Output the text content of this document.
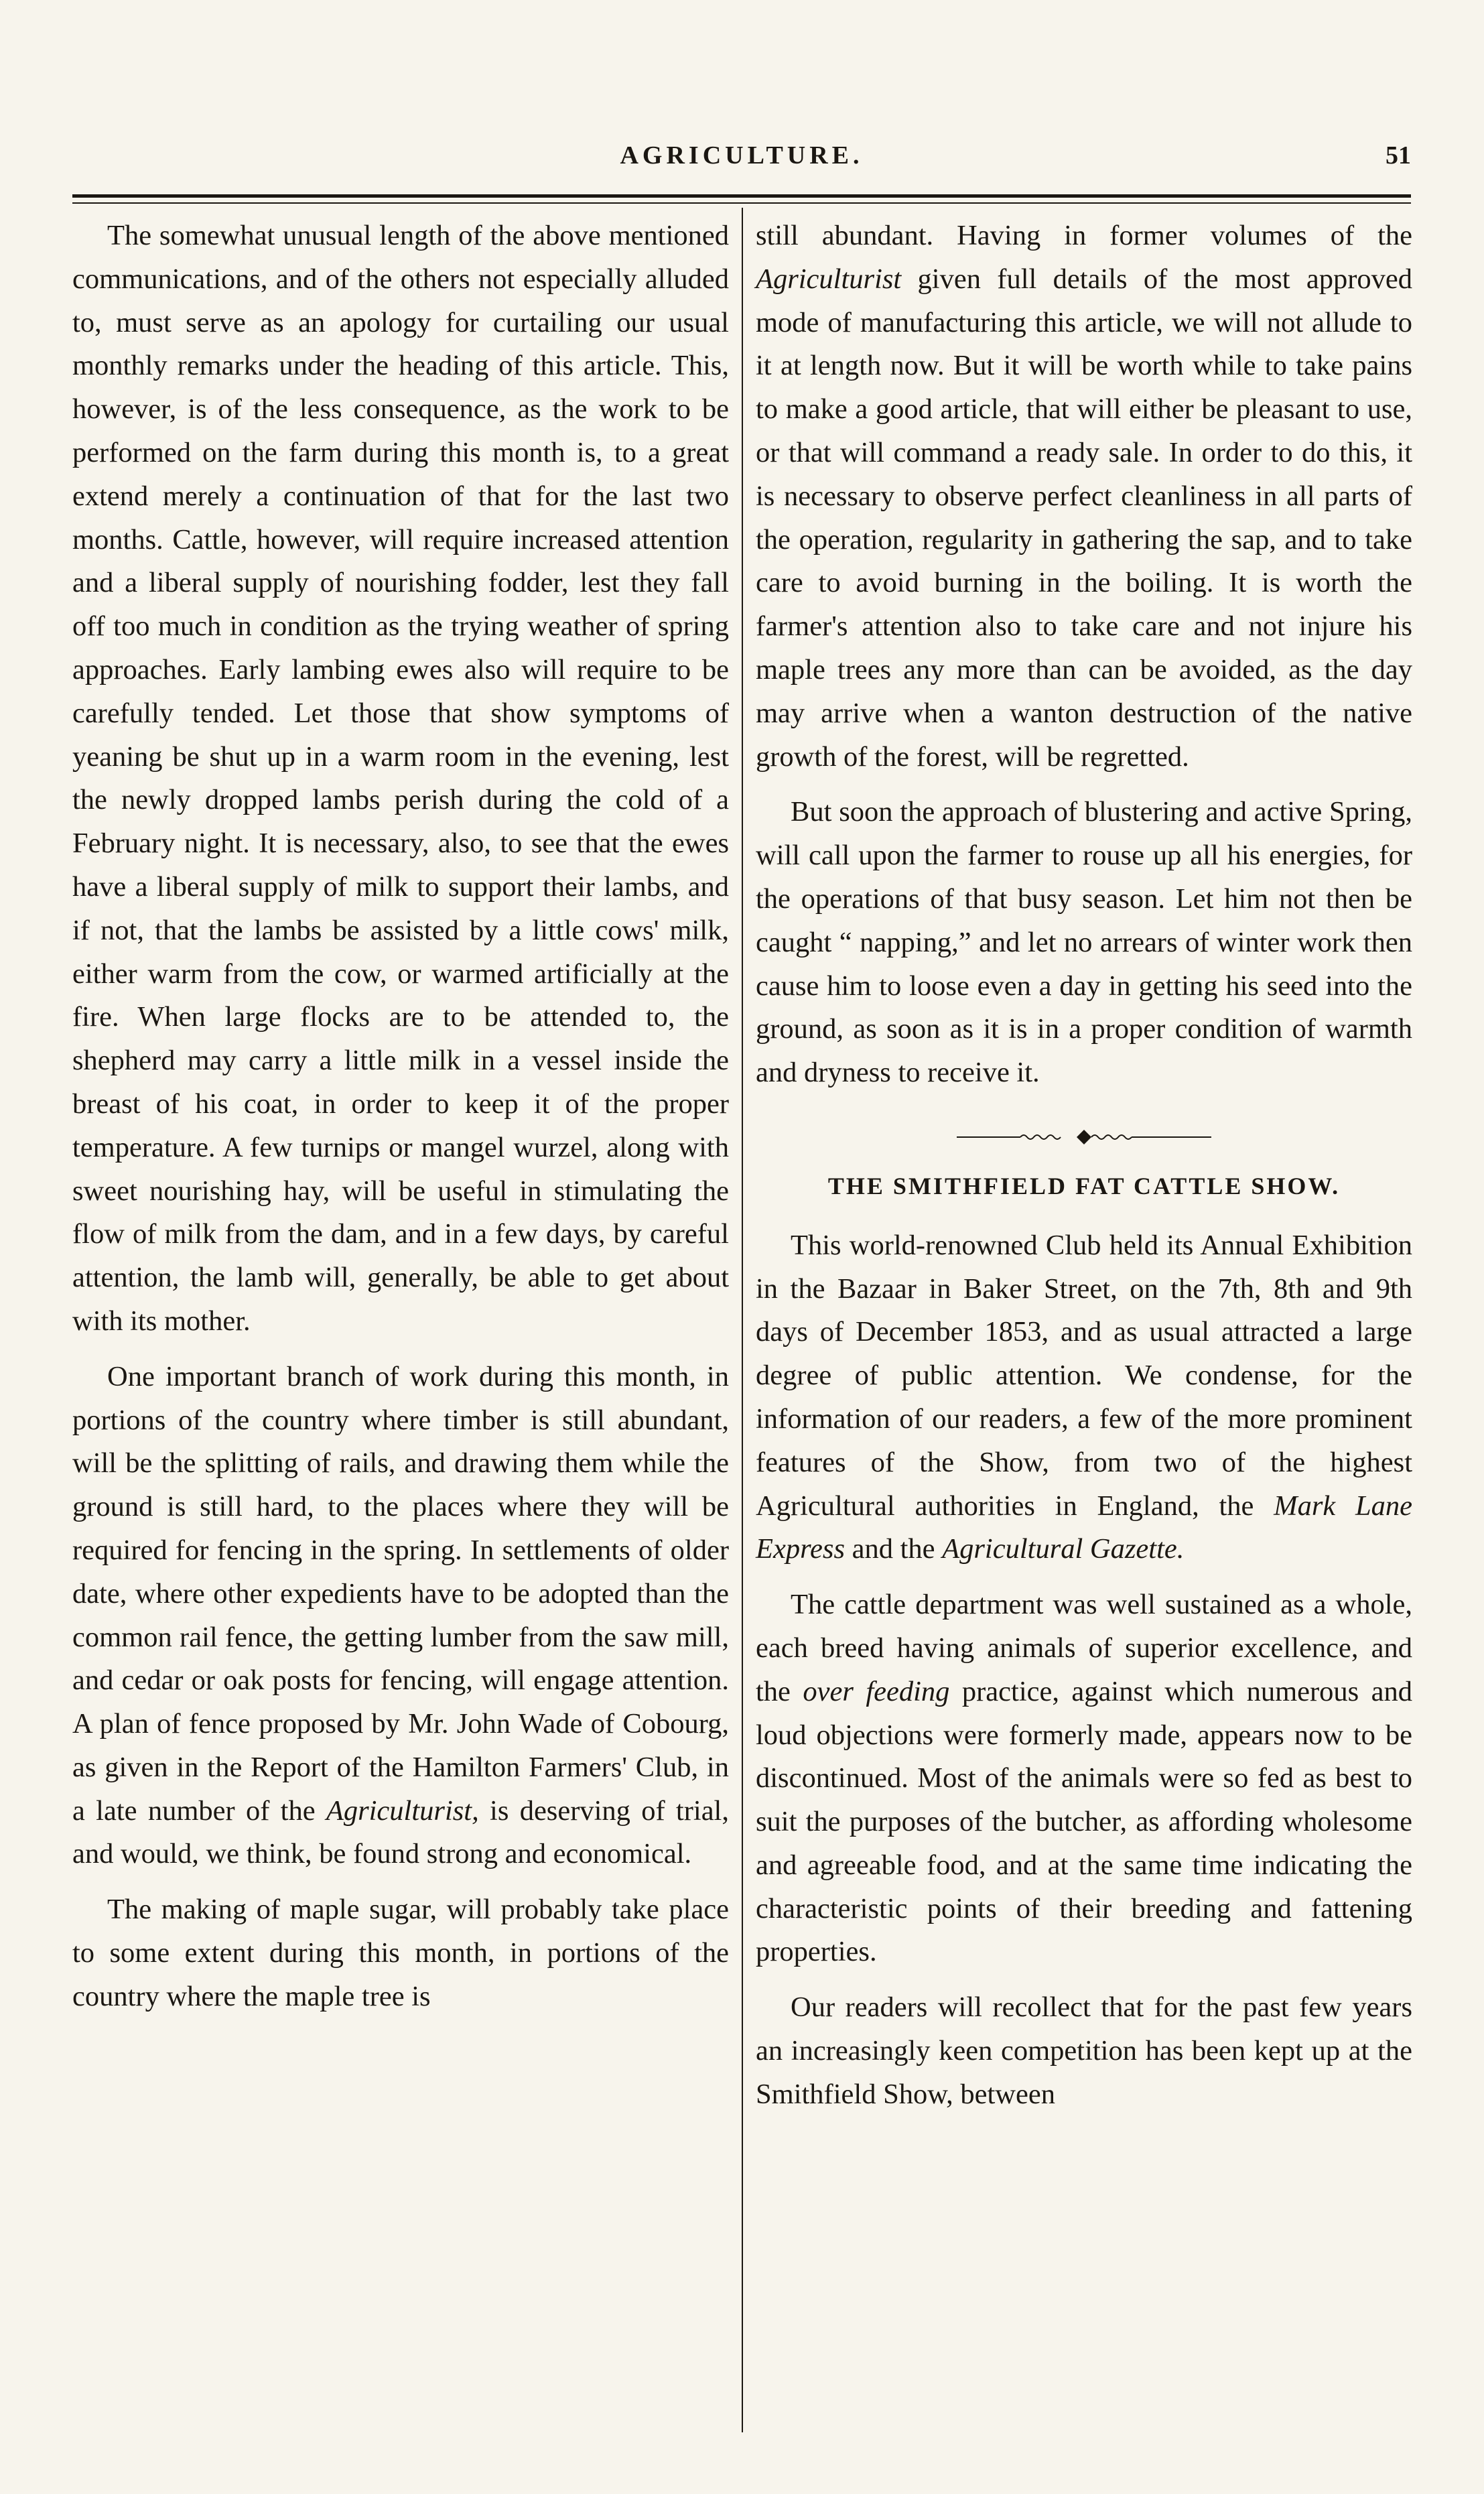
AGRICULTURE.	51

The somewhat unusual length of the above mentioned communications, and of the others not especially alluded to, must serve as an apology for curtailing our usual monthly remarks under the heading of this article. This, however, is of the less consequence, as the work to be performed on the farm during this month is, to a great extend merely a continuation of that for the last two months. Cattle, however, will require increased attention and a liberal supply of nourishing fodder, lest they fall off too much in condition as the trying weather of spring approaches. Early lambing ewes also will require to be carefully tended. Let those that show symptoms of yeaning be shut up in a warm room in the evening, lest the newly dropped lambs perish during the cold of a February night. It is necessary, also, to see that the ewes have a liberal supply of milk to support their lambs, and if not, that the lambs be assisted by a little cows' milk, either warm from the cow, or warmed artificially at the fire. When large flocks are to be attended to, the shepherd may carry a little milk in a vessel inside the breast of his coat, in order to keep it of the proper temperature. A few turnips or mangel wurzel, along with sweet nourishing hay, will be useful in stimulating the flow of milk from the dam, and in a few days, by careful attention, the lamb will, generally, be able to get about with its mother.

One important branch of work during this month, in portions of the country where timber is still abundant, will be the splitting of rails, and drawing them while the ground is still hard, to the places where they will be required for fencing in the spring. In settlements of older date, where other expedients have to be adopted than the common rail fence, the getting lumber from the saw mill, and cedar or oak posts for fencing, will engage attention. A plan of fence proposed by Mr. John Wade of Cobourg, as given in the Report of the Hamilton Farmers' Club, in a late number of the Agriculturist, is deserving of trial, and would, we think, be found strong and economical.

The making of maple sugar, will probably take place to some extent during this month, in portions of the country where the maple tree is

still abundant. Having in former volumes of the Agriculturist given full details of the most approved mode of manufacturing this article, we will not allude to it at length now. But it will be worth while to take pains to make a good article, that will either be pleasant to use, or that will command a ready sale. In order to do this, it is necessary to observe perfect cleanliness in all parts of the operation, regularity in gathering the sap, and to take care to avoid burning in the boiling. It is worth the farmer's attention also to take care and not injure his maple trees any more than can be avoided, as the day may arrive when a wanton destruction of the native growth of the forest, will be regretted.

But soon the approach of blustering and active Spring, will call upon the farmer to rouse up all his energies, for the operations of that busy season. Let him not then be caught “ napping,” and let no arrears of winter work then cause him to loose even a day in getting his seed into the ground, as soon as it is in a proper condition of warmth and dryness to receive it.

THE SMITHFIELD FAT CATTLE SHOW.

This world-renowned Club held its Annual Exhibition in the Bazaar in Baker Street, on the 7th, 8th and 9th days of December 1853, and as usual attracted a large degree of public attention. We condense, for the information of our readers, a few of the more prominent features of the Show, from two of the highest Agricultural authorities in England, the Mark Lane Express and the Agricultural Gazette.

The cattle department was well sustained as a whole, each breed having animals of superior excellence, and the over feeding practice, against which numerous and loud objections were formerly made, appears now to be discontinued. Most of the animals were so fed as best to suit the purposes of the butcher, as affording wholesome and agreeable food, and at the same time indicating the characteristic points of their breeding and fattening properties.

Our readers will recollect that for the past few years an increasingly keen competition has been kept up at the Smithfield Show, between
